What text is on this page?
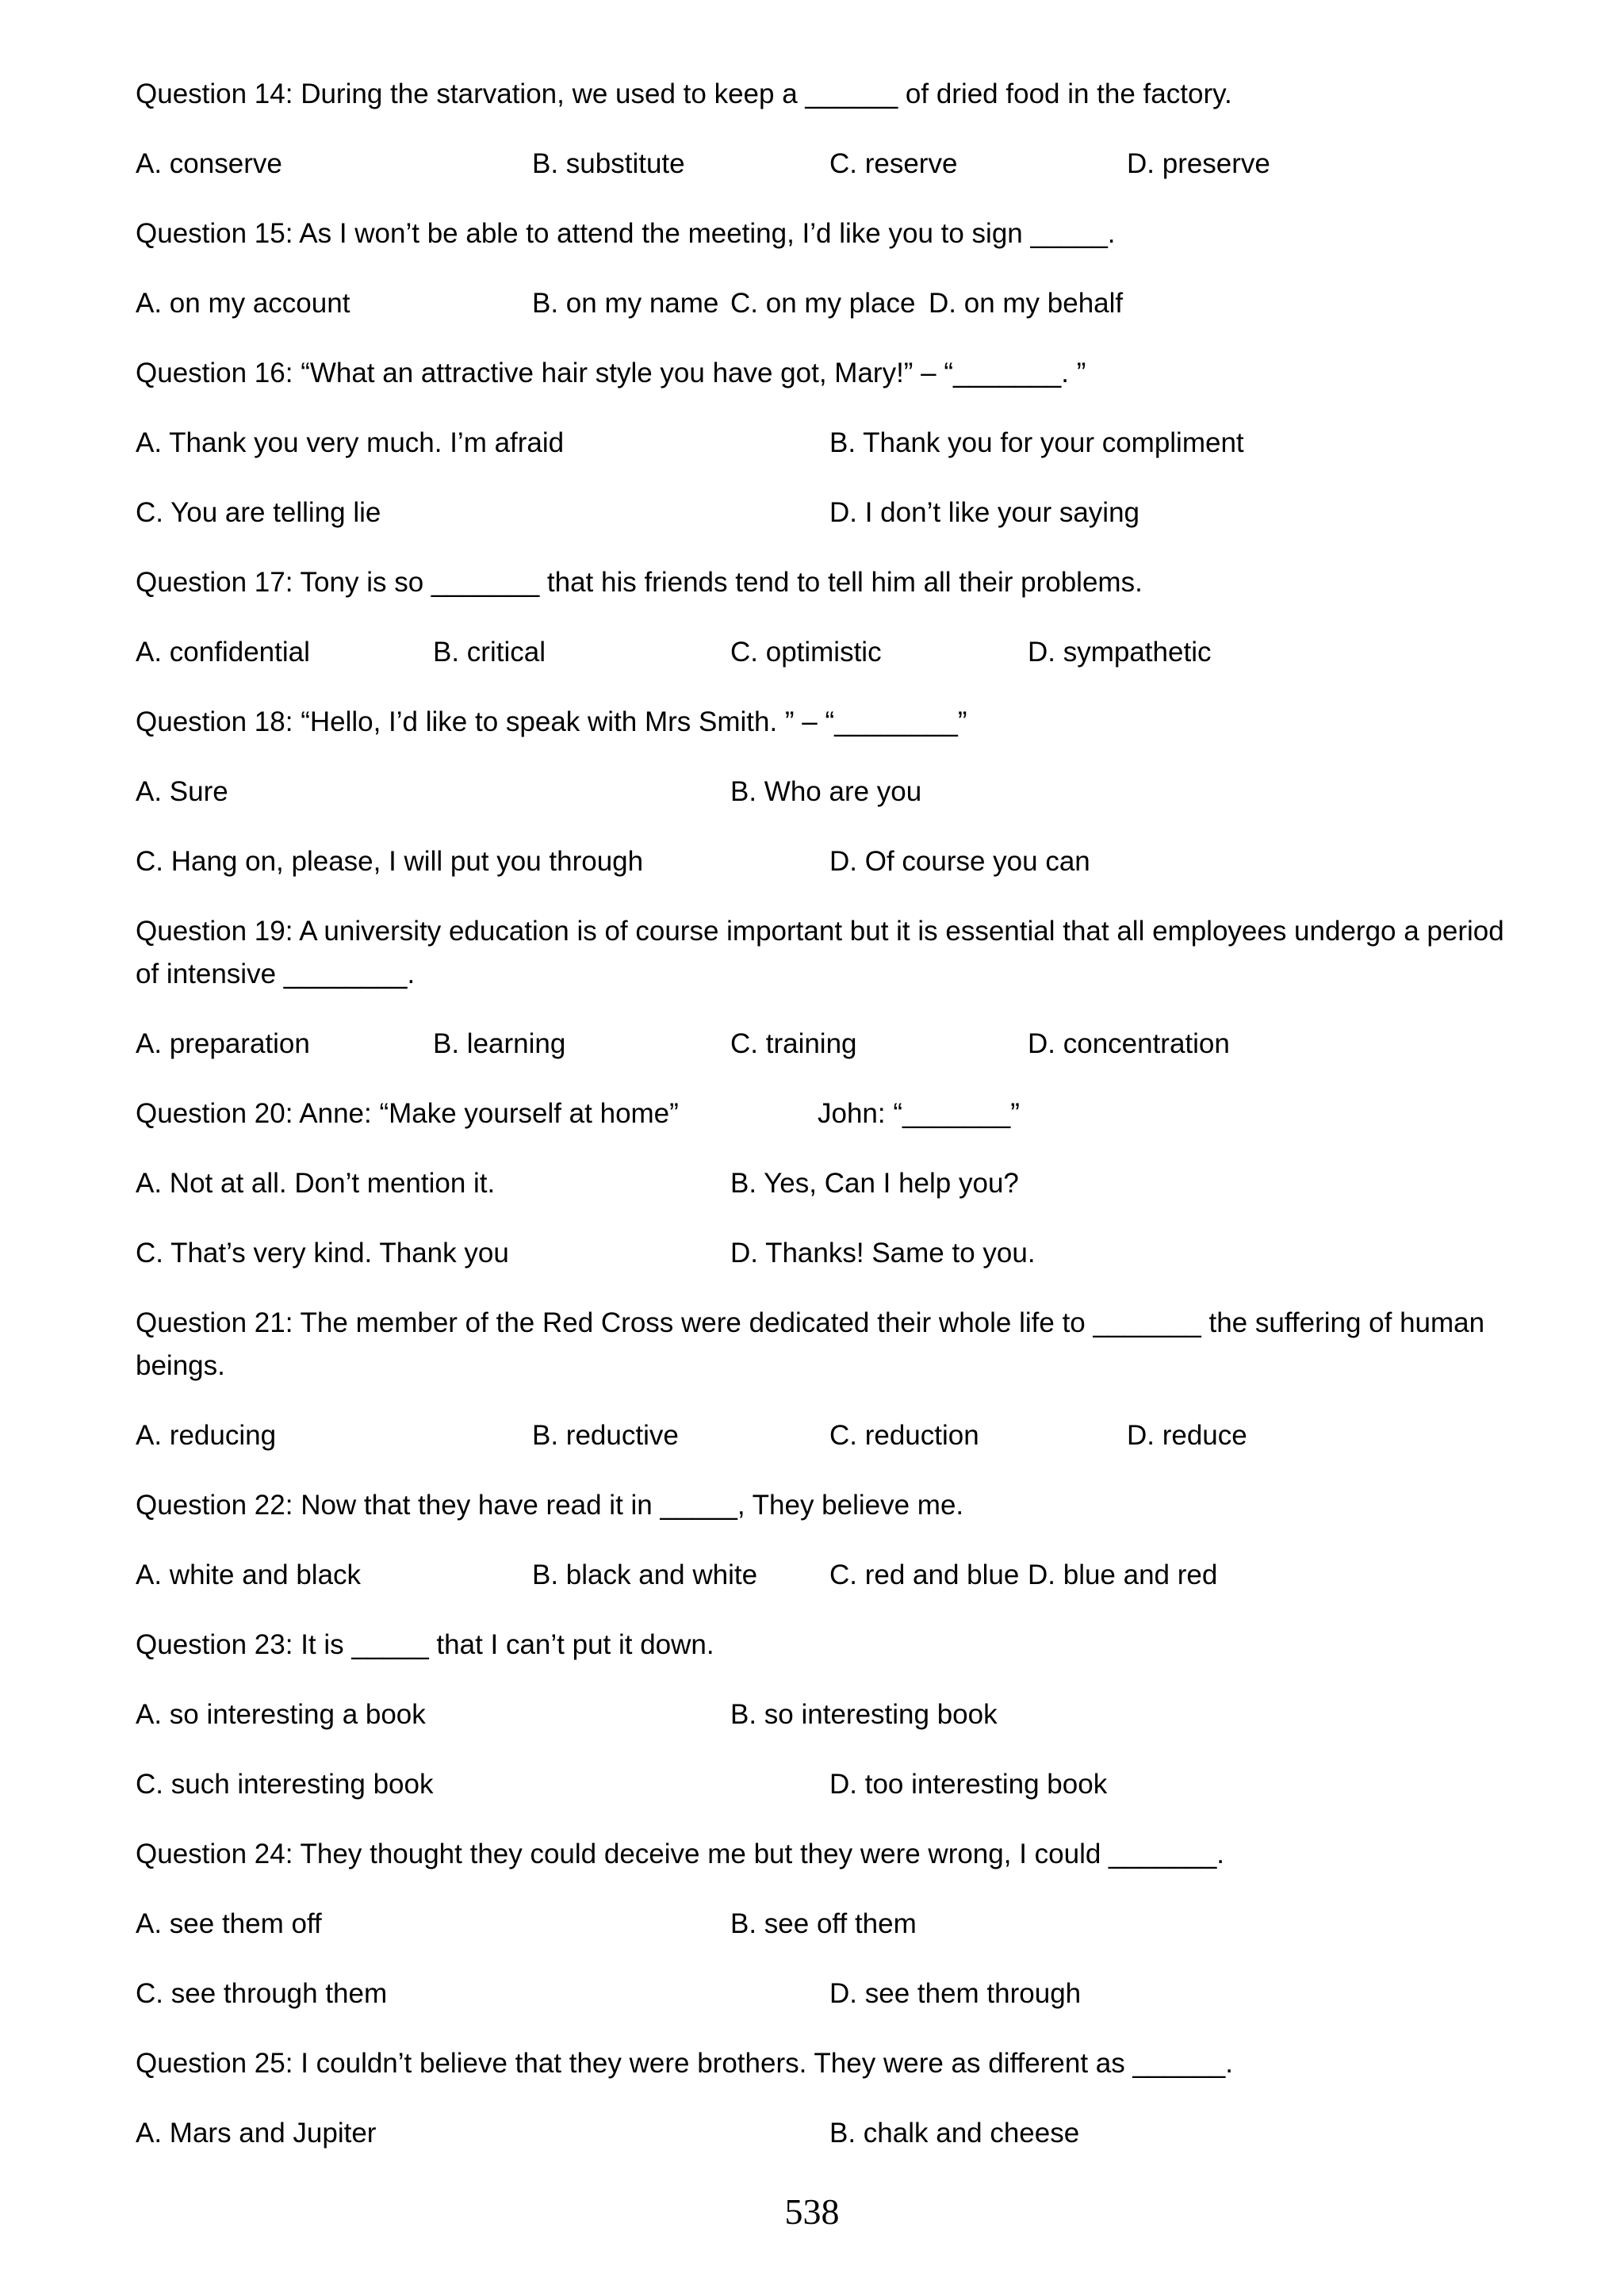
Question 14: During the starvation, we used to keep a ______ of dried food in the factory.
A. conserve	B. substitute	C. reserve	D. preserve
Question 15: As I won’t be able to attend the meeting, I’d like you to sign _____.
A. on my account	B. on my name C. on my place D. on my behalf
Question 16: “What an attractive hair style you have got, Mary!” – “_______. ”
A. Thank you very much. I’m afraid	B. Thank you for your compliment
C. You are telling lie	D. I don’t like your saying
Question 17: Tony is so _______ that his friends tend to tell him all their problems.
A. confidential	B. critical	C. optimistic	D. sympathetic
Question 18: “Hello, I’d like to speak with Mrs Smith. ” – “________”
A. Sure	B. Who are you
C. Hang on, please, I will put you through	D. Of course you can
Question 19: A university education is of course important but it is essential that all employees undergo a period of intensive ________.
A. preparation	B. learning	C. training	D. concentration
Question 20: Anne: “Make yourself at home”	John: “_______”
A. Not at all. Don’t mention it.	B. Yes, Can I help you?
C. That’s very kind. Thank you	D. Thanks! Same to you.
Question 21: The member of the Red Cross were dedicated their whole life to _______ the suffering of human beings.
A. reducing	B. reductive	C. reduction	D. reduce
Question 22: Now that they have read it in _____, They believe me.
A. white and black	B. black and white	C. red and blue D. blue and red
Question 23: It is _____ that I can’t put it down.
A. so interesting a book	B. so interesting book
C. such interesting book	D. too interesting book
Question 24: They thought they could deceive me but they were wrong, I could _______.
A. see them off	B. see off them
C. see through them	D. see them through
Question 25: I couldn’t believe that they were brothers. They were as different as ______.
A. Mars and Jupiter	B. chalk and cheese
538
